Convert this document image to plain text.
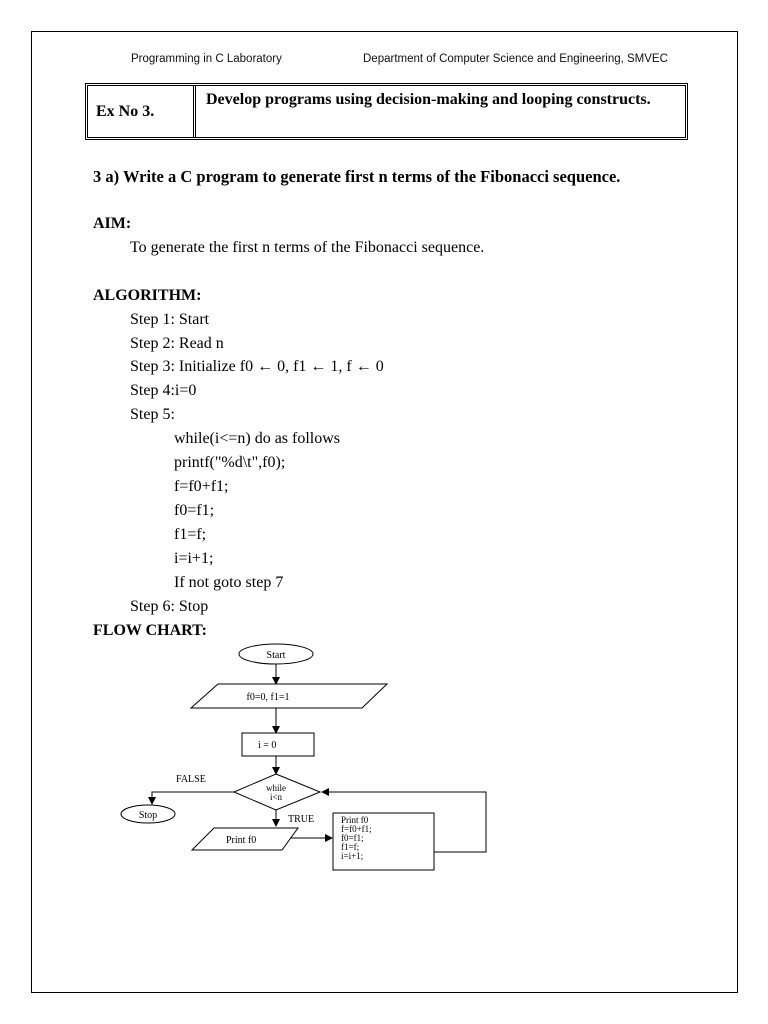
Programming in C Laboratory	Department of Computer Science and Engineering, SMVEC
Ex No 3.
Develop programs using decision-making and looping constructs.
3 a) Write a C program to generate first n terms of the Fibonacci sequence.
AIM:
To generate the first n terms of the Fibonacci sequence.
ALGORITHM:
Step 1: Start
Step 2: Read n
Step 3: Initialize f0 ← 0, f1 ← 1, f ← 0
Step 4:i=0
Step 5:
while(i<=n) do as follows
printf("%d\t",f0);
f=f0+f1;
f0=f1;
f1=f;
i=i+1;
If not goto step 7
Step 6: Stop
FLOW CHART:
Start
f0=0, f1=1
i = 0
while
i<n
FALSE
Stop	TRUE
Print f0
Print f0
f=f0+f1;
f0=f1;
f1=f;
i=i+1;
